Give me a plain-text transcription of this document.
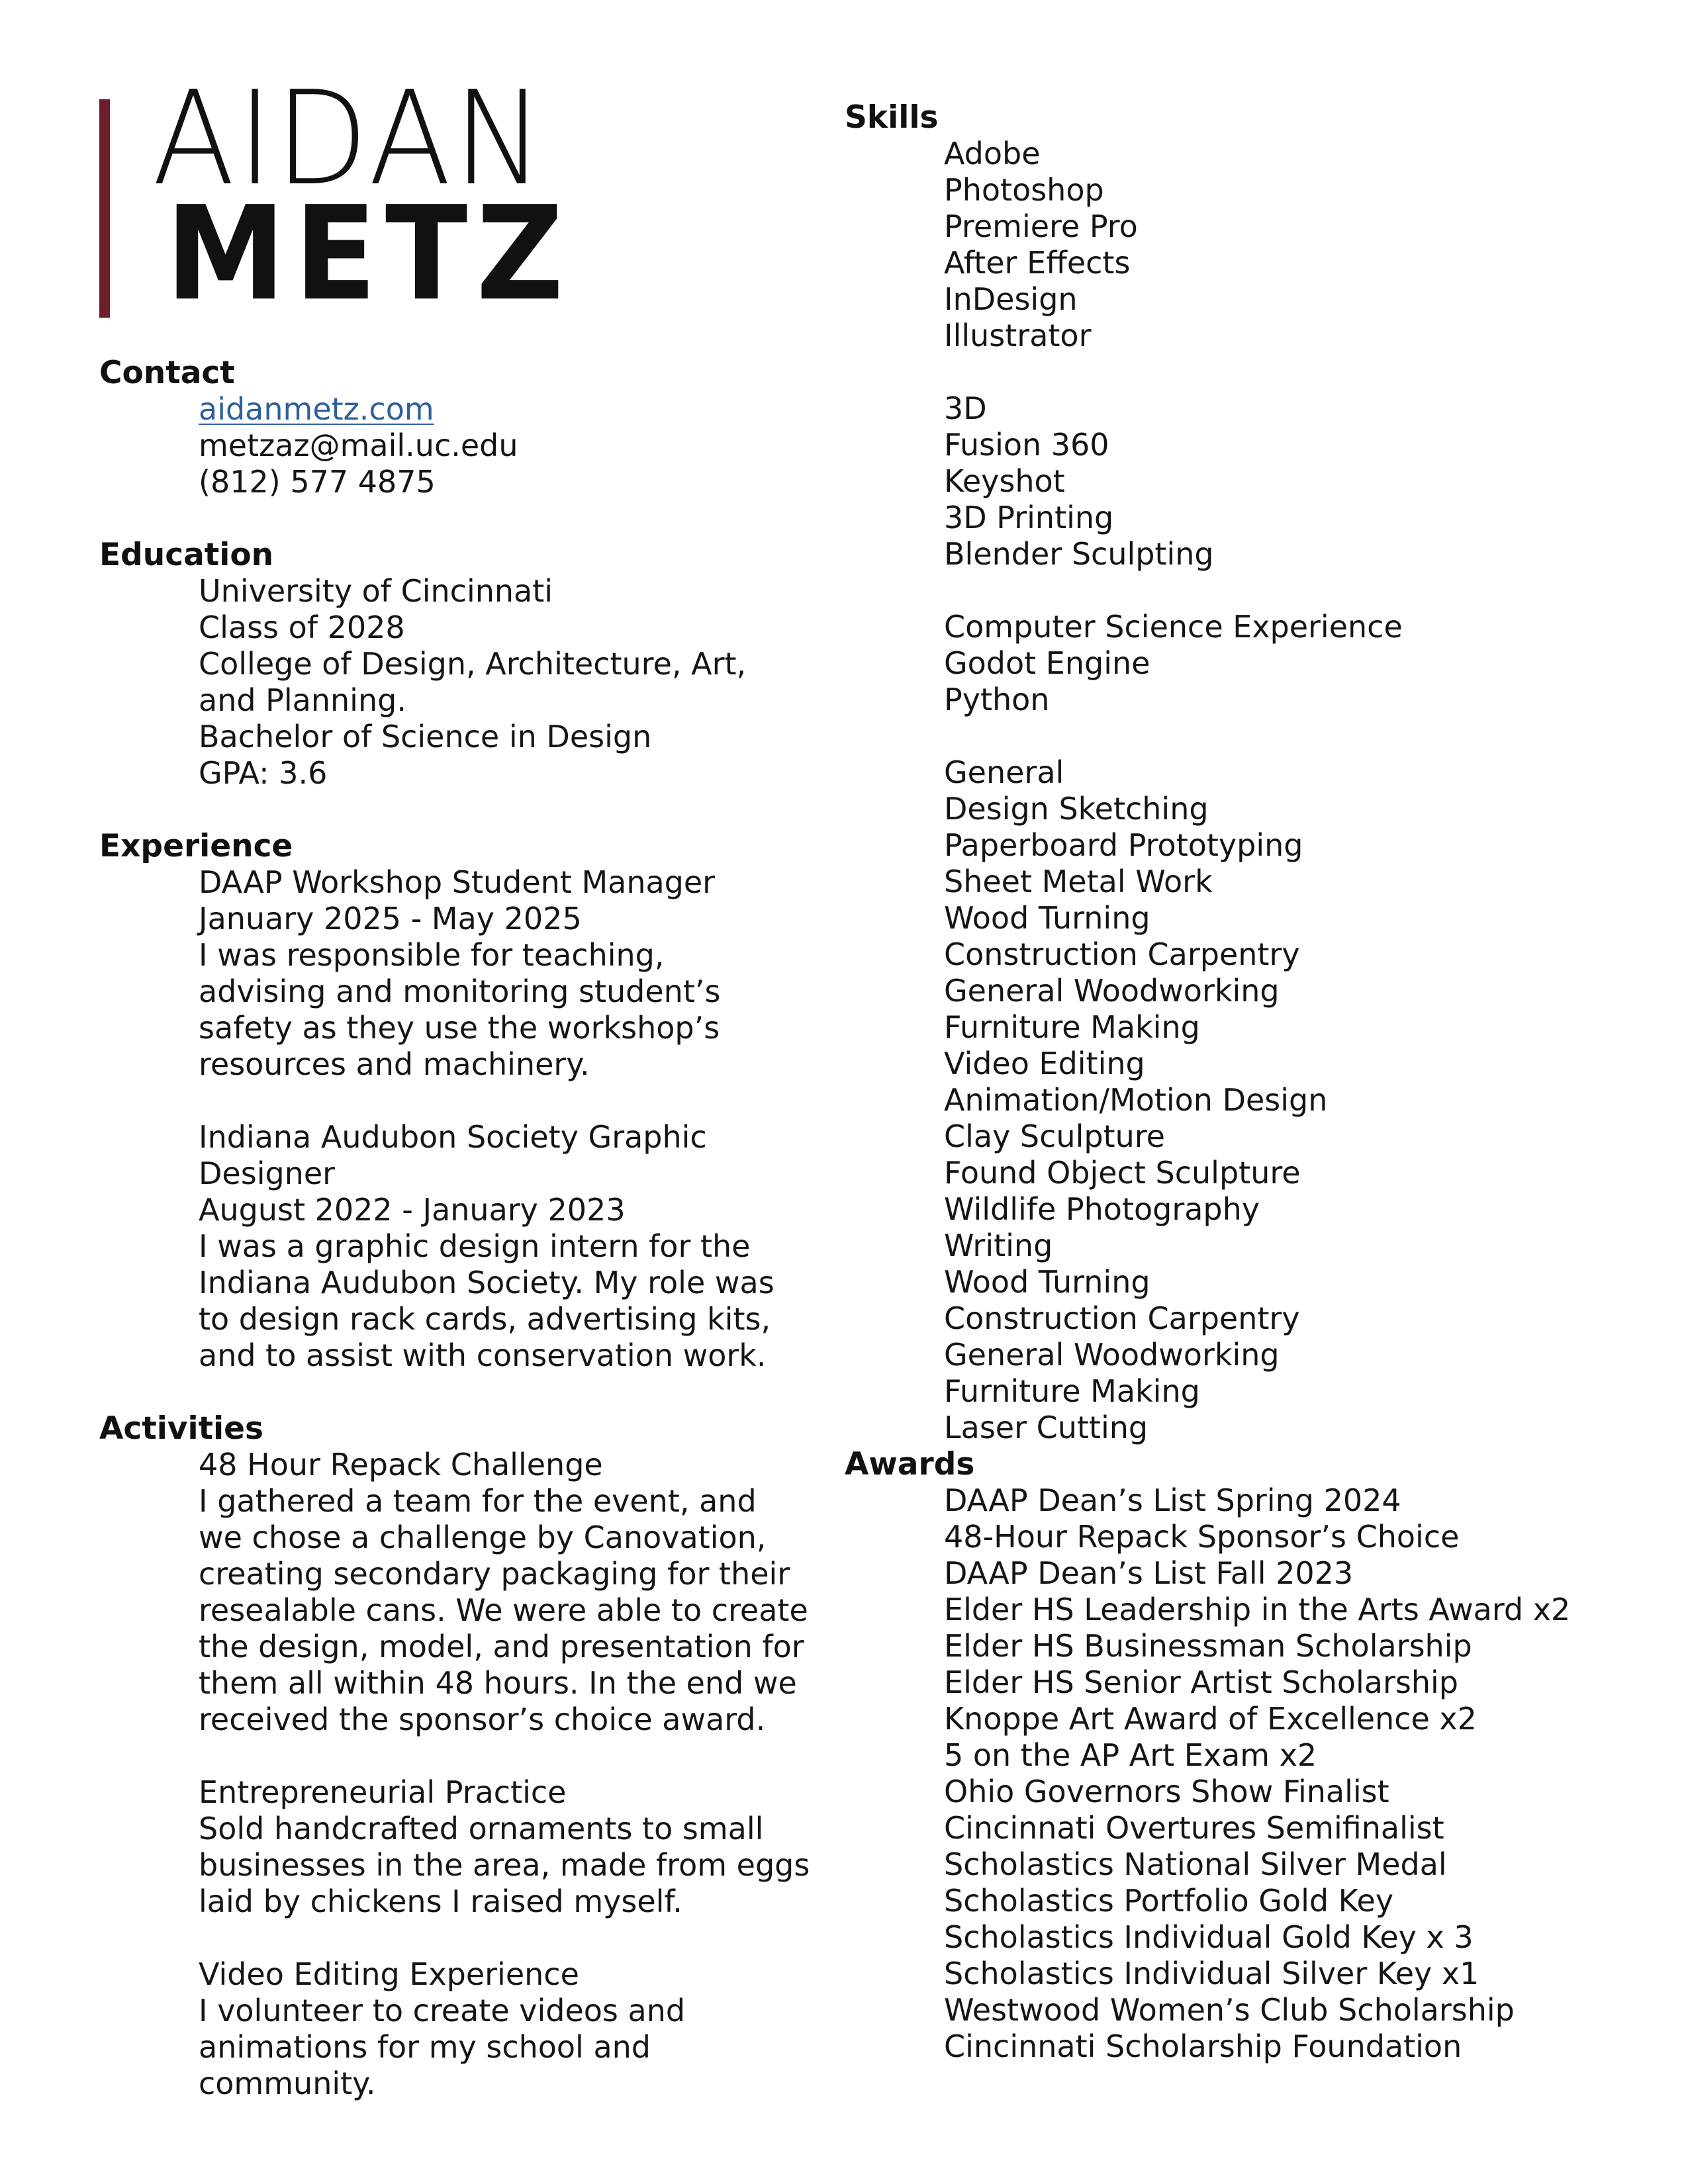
AIDAN
METZ
Contact
aidanmetz.com
metzaz@mail.uc.edu
(812) 577 4875
Education
University of Cincinnati
Class of 2028
College of Design, Architecture, Art,
and Planning.
Bachelor of Science in Design
GPA: 3.6
Experience
DAAP Workshop Student Manager
January 2025 - May 2025
I was responsible for teaching,
advising and monitoring student’s
safety as they use the workshop’s
resources and machinery.
Indiana Audubon Society Graphic
Designer
August 2022 - January 2023
I was a graphic design intern for the
Indiana Audubon Society. My role was
to design rack cards, advertising kits,
and to assist with conservation work.
Activities
48 Hour Repack Challenge
I gathered a team for the event, and
we chose a challenge by Canovation,
creating secondary packaging for their
resealable cans. We were able to create
the design, model, and presentation for
them all within 48 hours. In the end we
received the sponsor’s choice award.
Entrepreneurial Practice
Sold handcrafted ornaments to small
businesses in the area, made from eggs
laid by chickens I raised myself.
Video Editing Experience
I volunteer to create videos and
animations for my school and
community.
Skills
Adobe
Photoshop
Premiere Pro
After Effects
InDesign
Illustrator
3D
Fusion 360
Keyshot
3D Printing
Blender Sculpting
Computer Science Experience
Godot Engine
Python
General
Design Sketching
Paperboard Prototyping
Sheet Metal Work
Wood Turning
Construction Carpentry
General Woodworking
Furniture Making
Video Editing
Animation/Motion Design
Clay Sculpture
Found Object Sculpture
Wildlife Photography
Writing
Wood Turning
Construction Carpentry
General Woodworking
Furniture Making
Laser Cutting
Awards
DAAP Dean’s List Spring 2024
48-Hour Repack Sponsor’s Choice
DAAP Dean’s List Fall 2023
Elder HS Leadership in the Arts Award x2
Elder HS Businessman Scholarship
Elder HS Senior Artist Scholarship
Knoppe Art Award of Excellence x2
5 on the AP Art Exam x2
Ohio Governors Show Finalist
Cincinnati Overtures Semifinalist
Scholastics National Silver Medal
Scholastics Portfolio Gold Key
Scholastics Individual Gold Key x 3
Scholastics Individual Silver Key x1
Westwood Women’s Club Scholarship
Cincinnati Scholarship Foundation
